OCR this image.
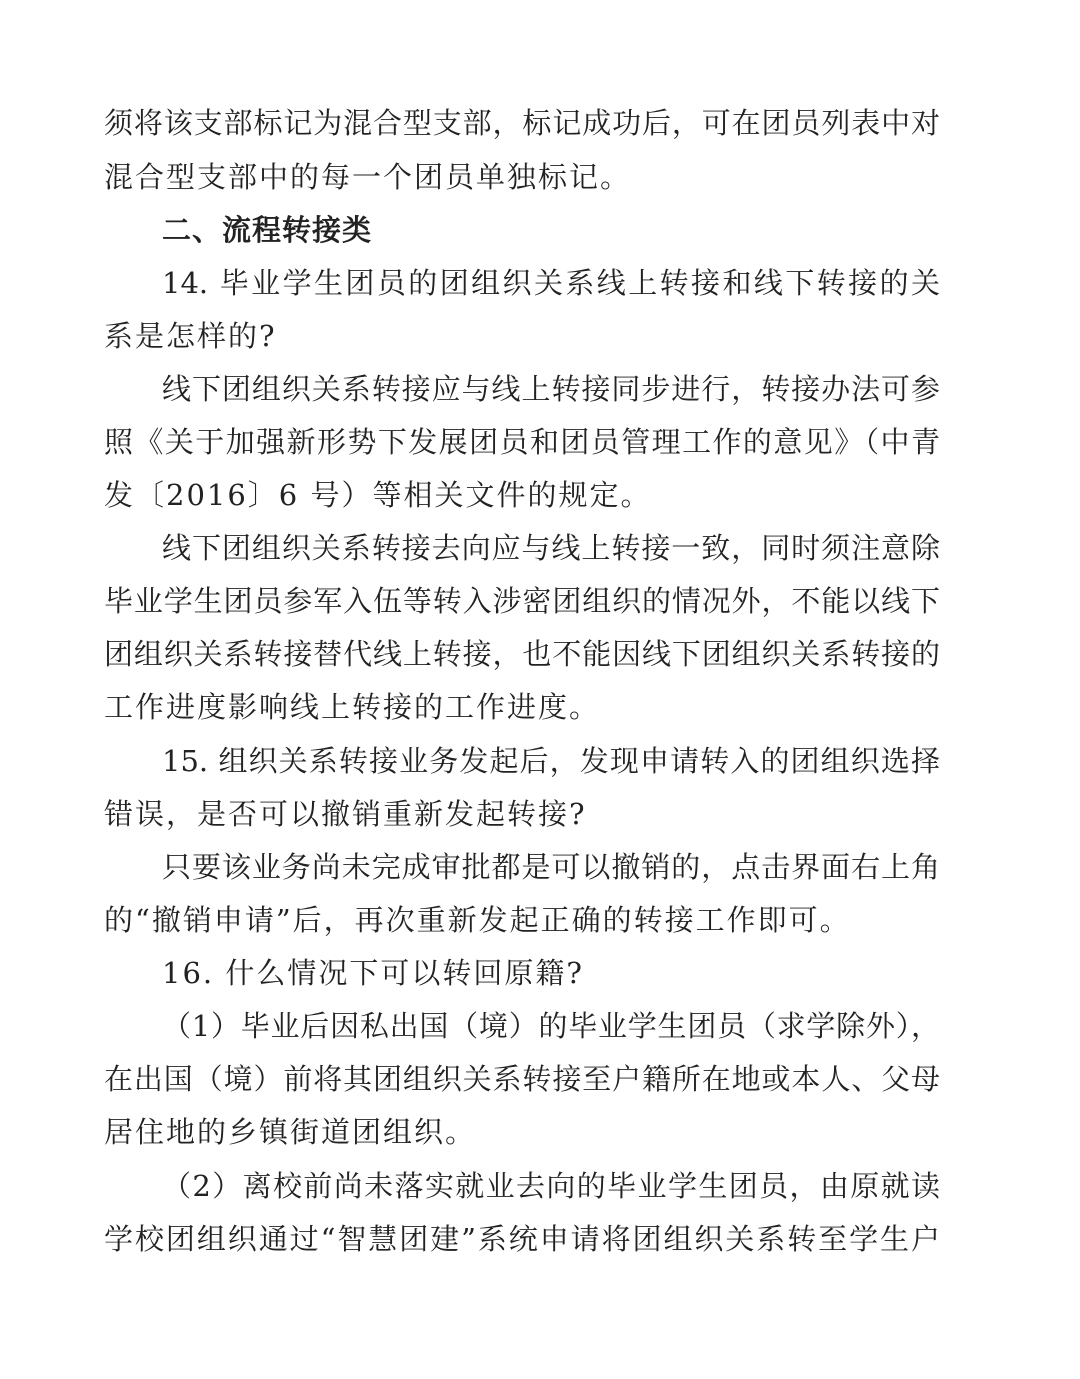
须将该支部标记为混合型支部，标记成功后，可在团员列表中对
混合型支部中的每一个团员单独标记。
二、流程转接类
14. 毕业学生团员的团组织关系线上转接和线下转接的关
系是怎样的?
线下团组织关系转接应与线上转接同步进行，转接办法可参
照《关于加强新形势下发展团员和团员管理工作的意见》（中青
发〔2016〕6 号）等相关文件的规定。
线下团组织关系转接去向应与线上转接一致，同时须注意除
毕业学生团员参军入伍等转入涉密团组织的情况外，不能以线下
团组织关系转接替代线上转接，也不能因线下团组织关系转接的
工作进度影响线上转接的工作进度。
15. 组织关系转接业务发起后，发现申请转入的团组织选择
错误，是否可以撤销重新发起转接?
只要该业务尚未完成审批都是可以撤销的，点击界面右上角
的“撤销申请”后，再次重新发起正确的转接工作即可。
16. 什么情况下可以转回原籍?
（1）毕业后因私出国（境）的毕业学生团员（求学除外），
在出国（境）前将其团组织关系转接至户籍所在地或本人、父母
居住地的乡镇街道团组织。
（2）离校前尚未落实就业去向的毕业学生团员，由原就读
学校团组织通过“智慧团建”系统申请将团组织关系转至学生户
